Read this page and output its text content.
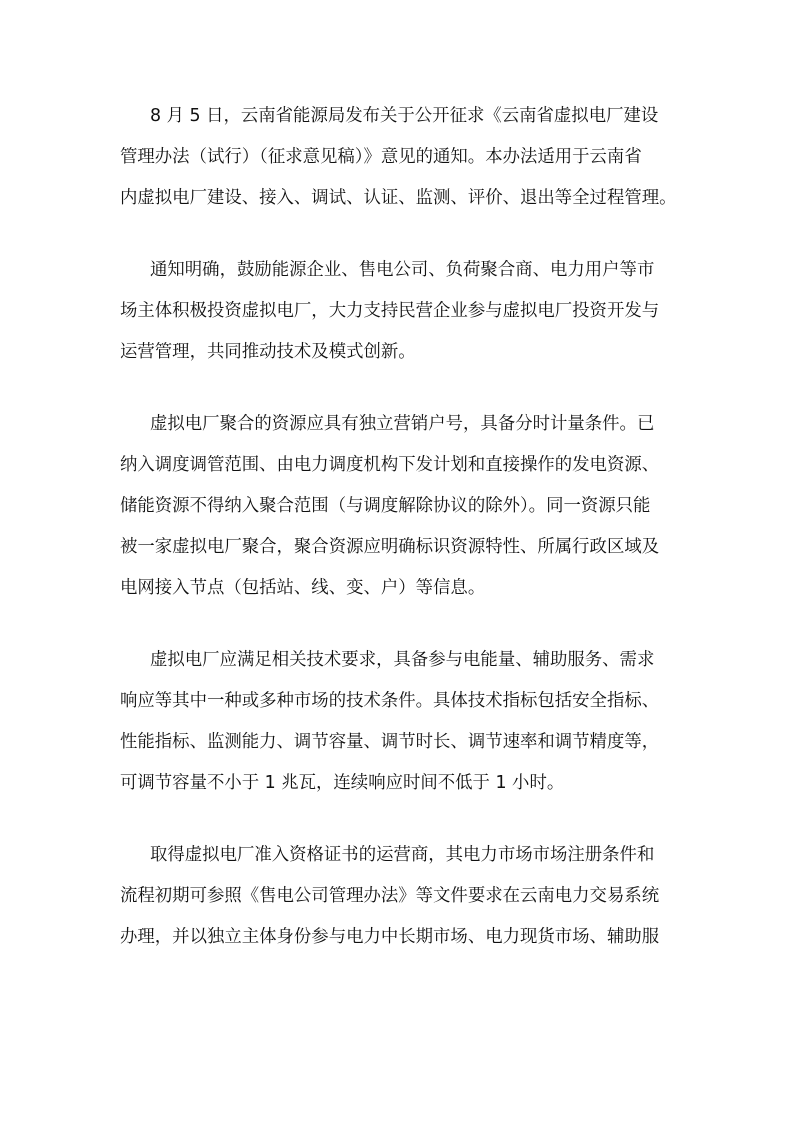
8 月 5 日，云南省能源局发布关于公开征求《云南省虚拟电厂建设
管理办法（试行）（征求意见稿）》意见的通知。本办法适用于云南省
内虚拟电厂建设、接入、调试、认证、监测、评价、退出等全过程管理。
通知明确，鼓励能源企业、售电公司、负荷聚合商、电力用户等市
场主体积极投资虚拟电厂，大力支持民营企业参与虚拟电厂投资开发与
运营管理，共同推动技术及模式创新。
虚拟电厂聚合的资源应具有独立营销户号，具备分时计量条件。已
纳入调度调管范围、由电力调度机构下发计划和直接操作的发电资源、
储能资源不得纳入聚合范围（与调度解除协议的除外）。同一资源只能
被一家虚拟电厂聚合，聚合资源应明确标识资源特性、所属行政区域及
电网接入节点（包括站、线、变、户）等信息。
虚拟电厂应满足相关技术要求，具备参与电能量、辅助服务、需求
响应等其中一种或多种市场的技术条件。具体技术指标包括安全指标、
性能指标、监测能力、调节容量、调节时长、调节速率和调节精度等，
可调节容量不小于 1 兆瓦，连续响应时间不低于 1 小时。
取得虚拟电厂准入资格证书的运营商，其电力市场市场注册条件和
流程初期可参照《售电公司管理办法》等文件要求在云南电力交易系统
办理，并以独立主体身份参与电力中长期市场、电力现货市场、辅助服
